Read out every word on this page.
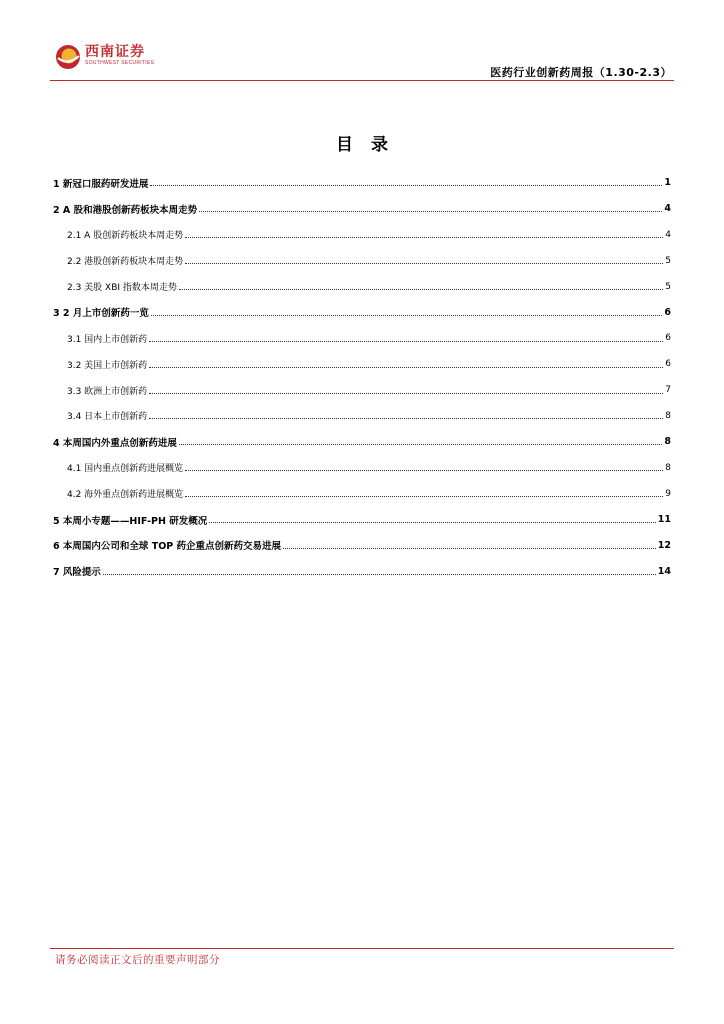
西南证券
SOUTHWEST SECURITIES
医药行业创新药周报（1.30-2.3）
目录
1 新冠口服药研发进展	1
2 A 股和港股创新药板块本周走势	4
2.1 A 股创新药板块本周走势	4
2.2 港股创新药板块本周走势	5
2.3 美股 XBI 指数本周走势	5
3 2 月上市创新药一览	6
3.1 国内上市创新药	6
3.2 美国上市创新药	6
3.3 欧洲上市创新药	7
3.4 日本上市创新药	8
4 本周国内外重点创新药进展	8
4.1 国内重点创新药进展概览	8
4.2 海外重点创新药进展概览	9
5 本周小专题——HIF-PH 研发概况	11
6 本周国内公司和全球 TOP 药企重点创新药交易进展	12
7 风险提示	14
请务必阅读正文后的重要声明部分
